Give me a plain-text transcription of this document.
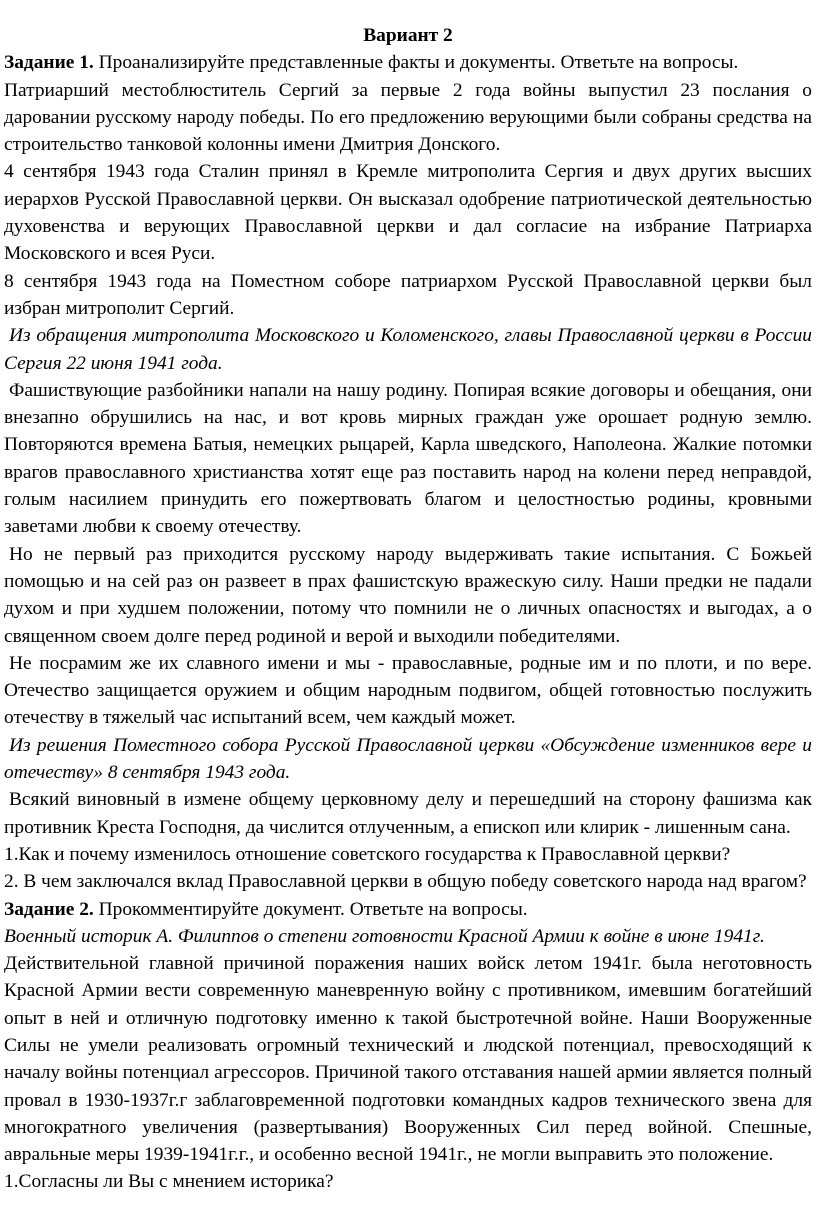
Вариант 2

Задание 1. Проанализируйте представленные факты и документы. Ответьте на вопросы.

Патриарший местоблюститель Сергий за первые 2 года войны выпустил 23 послания о даровании русскому народу победы. По его предложению верующими были собраны средства на строительство танковой колонны имени Дмитрия Донского.

4 сентября 1943 года Сталин принял в Кремле митрополита Сергия и двух других высших иерархов Русской Православной церкви. Он высказал одобрение патриотической деятельностью духовенства и верующих Православной церкви и дал согласие на избрание Патриарха Московского и всея Руси.

8 сентября 1943 года на Поместном соборе патриархом Русской Православной церкви был избран митрополит Сергий.

Из обращения митрополита Московского и Коломенского, главы Православной церкви в России Сергия 22 июня 1941 года.

Фашиствующие разбойники напали на нашу родину. Попирая всякие договоры и обещания, они внезапно обрушились на нас, и вот кровь мирных граждан уже орошает родную землю. Повторяются времена Батыя, немецких рыцарей, Карла шведского, Наполеона. Жалкие потомки врагов православного христианства хотят еще раз поставить народ на колени перед неправдой, голым насилием принудить его пожертвовать благом и целостностью родины, кровными заветами любви к своему отечеству.

Но не первый раз приходится русскому народу выдерживать такие испытания. С Божьей помощью и на сей раз он развеет в прах фашистскую вражескую силу. Наши предки не падали духом и при худшем положении, потому что помнили не о личных опасностях и выгодах, а о священном своем долге перед родиной и верой и выходили победителями.

Не посрамим же их славного имени и мы - православные, родные им и по плоти, и по вере. Отечество защищается оружием и общим народным подвигом, общей готовностью послужить отечеству в тяжелый час испытаний всем, чем каждый может.

Из решения Поместного собора Русской Православной церкви «Обсуждение изменников вере и отечеству» 8 сентября 1943 года.

Всякий виновный в измене общему церковному делу и перешедший на сторону фашизма как противник Креста Господня, да числится отлученным, а епископ или клирик - лишенным сана.

1.Как и почему изменилось отношение советского государства к Православной церкви?

2. В чем заключался вклад Православной церкви в общую победу советского народа над врагом?

Задание 2. Прокомментируйте документ. Ответьте на вопросы.

Военный историк А. Филиппов о степени готовности Красной Армии к войне в июне 1941г.

Действительной главной причиной поражения наших войск летом 1941г. была неготовность Красной Армии вести современную маневренную войну с противником, имевшим богатейший опыт в ней и отличную подготовку именно к такой быстротечной войне. Наши Вооруженные Силы не умели реализовать огромный технический и людской потенциал, превосходящий к началу войны потенциал агрессоров. Причиной такого отставания нашей армии является полный провал в 1930-1937г.г заблаговременной подготовки командных кадров технического звена для многократного увеличения (развертывания) Вооруженных Сил перед войной. Спешные, авральные меры 1939-1941г.г., и особенно весной 1941г., не могли выправить это положение.

1.Согласны ли Вы с мнением историка?
